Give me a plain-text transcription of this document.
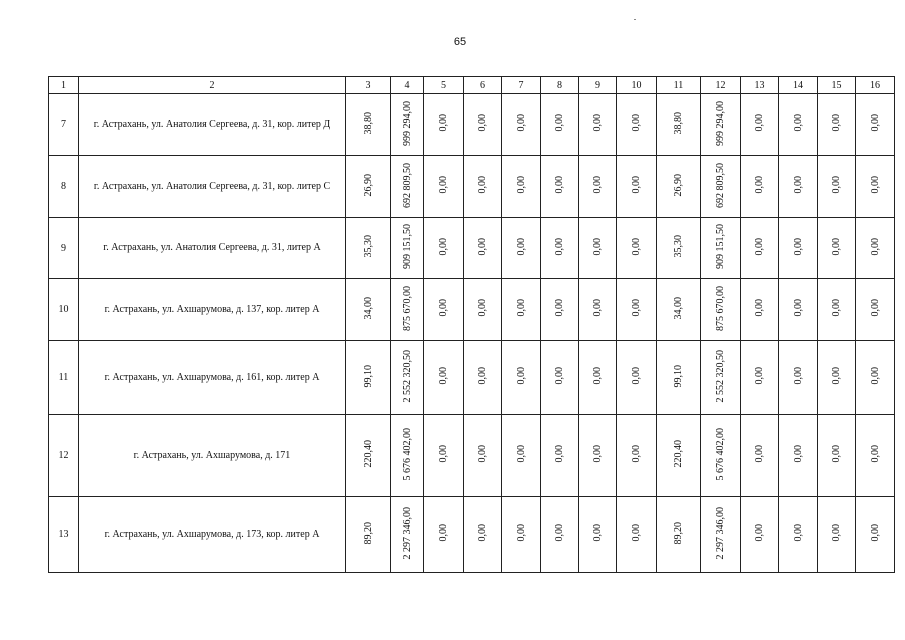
65
1	2	3	4	5	6	7	8	9	10	11	12	13	14	15	16
7	г. Астрахань, ул. Анатолия Сергеева, д. 31, кор. литер Д	38,80	999 294,00	0,00	0,00	0,00	0,00	0,00	0,00	38,80	999 294,00	0,00	0,00	0,00	0,00
8	г. Астрахань, ул. Анатолия Сергеева, д. 31, кор. литер С	26,90	692 809,50	0,00	0,00	0,00	0,00	0,00	0,00	26,90	692 809,50	0,00	0,00	0,00	0,00
9	г. Астрахань, ул. Анатолия Сергеева, д. 31, литер А	35,30	909 151,50	0,00	0,00	0,00	0,00	0,00	0,00	35,30	909 151,50	0,00	0,00	0,00	0,00
10	г. Астрахань, ул. Ахшарумова, д. 137, кор. литер А	34,00	875 670,00	0,00	0,00	0,00	0,00	0,00	0,00	34,00	875 670,00	0,00	0,00	0,00	0,00
11	г. Астрахань, ул. Ахшарумова, д. 161, кор. литер А	99,10	2 552 320,50	0,00	0,00	0,00	0,00	0,00	0,00	99,10	2 552 320,50	0,00	0,00	0,00	0,00
12	г. Астрахань, ул. Ахшарумова, д. 171	220,40	5 676 402,00	0,00	0,00	0,00	0,00	0,00	0,00	220,40	5 676 402,00	0,00	0,00	0,00	0,00
13	г. Астрахань, ул. Ахшарумова, д. 173, кор. литер А	89,20	2 297 346,00	0,00	0,00	0,00	0,00	0,00	0,00	89,20	2 297 346,00	0,00	0,00	0,00	0,00
